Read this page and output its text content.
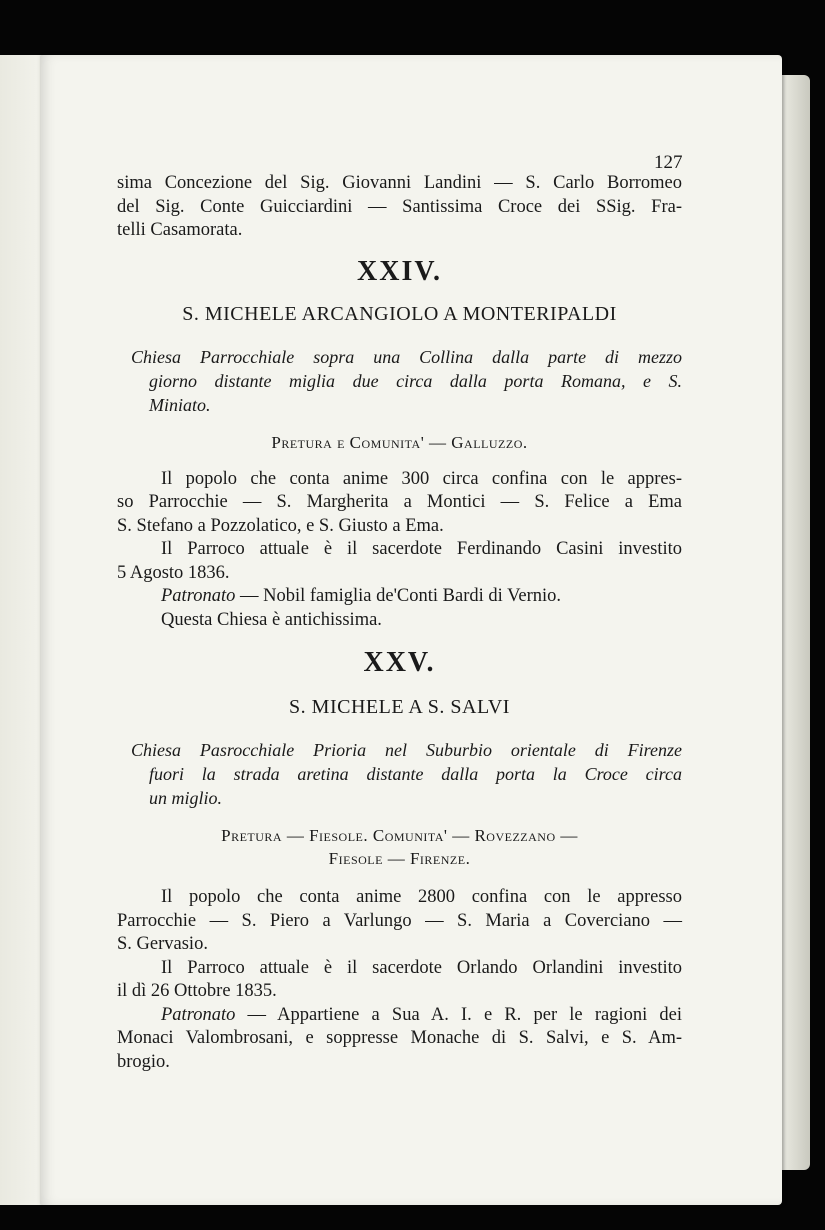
127
sima Concezione del Sig. Giovanni Landini — S. Carlo Borromeo
del Sig. Conte Guicciardini — Santissima Croce dei SSig. Fra-
telli Casamorata.
XXIV.
S. MICHELE ARCANGIOLO A MONTERIPALDI
Chiesa Parrocchiale sopra una Collina dalla parte di mezzo
giorno distante miglia due circa dalla porta Romana, e S.
Miniato.
Pretura e Comunita' — Galluzzo.
Il popolo che conta anime 300 circa confina con le appres-
so Parrocchie — S. Margherita a Montici — S. Felice a Ema
S. Stefano a Pozzolatico, e S. Giusto a Ema.
Il Parroco attuale è il sacerdote Ferdinando Casini investito
5 Agosto 1836.
Patronato — Nobil famiglia de'Conti Bardi di Vernio.
Questa Chiesa è antichissima.
XXV.
S. MICHELE A S. SALVI
Chiesa Pasrocchiale Prioria nel Suburbio orientale di Firenze
fuori la strada aretina distante dalla porta la Croce circa
un miglio.
Pretura — Fiesole. Comunita' — Rovezzano —
Fiesole — Firenze.
Il popolo che conta anime 2800 confina con le appresso
Parrocchie — S. Piero a Varlungo — S. Maria a Coverciano —
S. Gervasio.
Il Parroco attuale è il sacerdote Orlando Orlandini investito
il dì 26 Ottobre 1835.
Patronato — Appartiene a Sua A. I. e R. per le ragioni dei
Monaci Valombrosani, e soppresse Monache di S. Salvi, e S. Am-
brogio.
